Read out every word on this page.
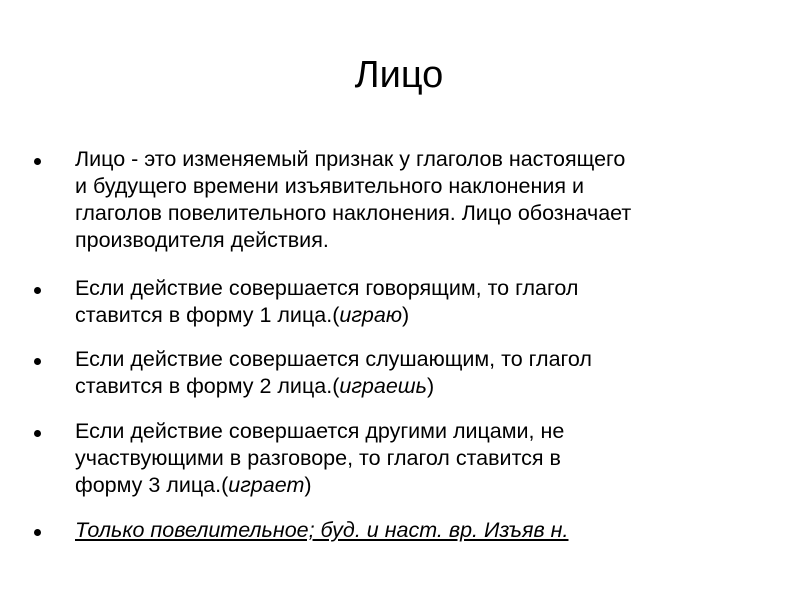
Лицо
Лицо - это изменяемый признак у глаголов настоящего
и будущего времени изъявительного наклонения и
глаголов повелительного наклонения. Лицо обозначает
производителя действия.
Если действие совершается говорящим, то глагол
ставится в форму 1 лица.(играю)
Если действие совершается слушающим, то глагол
ставится в форму 2 лица.(играешь)
Если действие совершается другими лицами, не
участвующими в разговоре, то глагол ставится в
форму 3 лица.(играет)
Только повелительное; буд. и наст. вр. Изъяв н.
